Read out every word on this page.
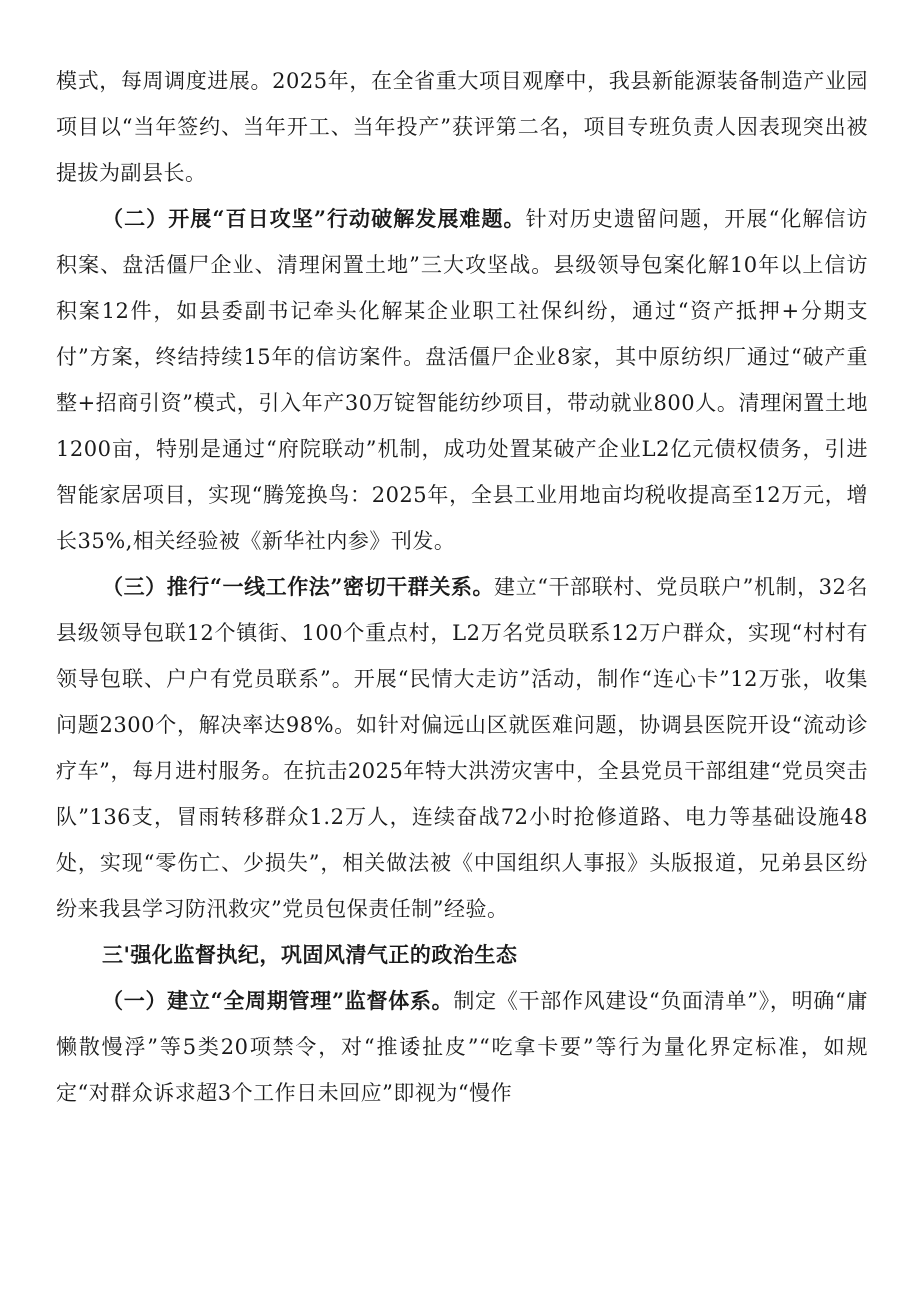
模式，每周调度进展。2025年，在全省重大项目观摩中，我县新能源装备制造产业园项目以“当年签约、当年开工、当年投产”获评第二名，项目专班负责人因表现突出被提拔为副县长。

（二）开展“百日攻坚”行动破解发展难题。针对历史遗留问题，开展“化解信访积案、盘活僵尸企业、清理闲置土地”三大攻坚战。县级领导包案化解10年以上信访积案12件，如县委副书记牵头化解某企业职工社保纠纷，通过“资产抵押+分期支付”方案，终结持续15年的信访案件。盘活僵尸企业8家，其中原纺织厂通过“破产重整+招商引资”模式，引入年产30万锭智能纺纱项目，带动就业800人。清理闲置土地1200亩，特别是通过“府院联动”机制，成功处置某破产企业L2亿元债权债务，引进智能家居项目，实现“腾笼换鸟：2025年，全县工业用地亩均税收提高至12万元，增长35%,相关经验被《新华社内参》刊发。

（三）推行“一线工作法”密切干群关系。建立“干部联村、党员联户”机制，32名县级领导包联12个镇街、100个重点村，L2万名党员联系12万户群众，实现“村村有领导包联、户户有党员联系”。开展“民情大走访”活动，制作“连心卡”12万张，收集问题2300个，解决率达98%。如针对偏远山区就医难问题，协调县医院开设“流动诊疗车”，每月进村服务。在抗击2025年特大洪涝灾害中，全县党员干部组建“党员突击队”136支，冒雨转移群众1.2万人，连续奋战72小时抢修道路、电力等基础设施48处，实现“零伤亡、少损失”，相关做法被《中国组织人事报》头版报道，兄弟县区纷纷来我县学习防汛救灾”党员包保责任制”经验。

三'强化监督执纪，巩固风清气正的政治生态

（一）建立“全周期管理”监督体系。制定《干部作风建设“负面清单”》，明确“庸懒散慢浮”等5类20项禁令，对“推诿扯皮”“吃拿卡要”等行为量化界定标准，如规定“对群众诉求超3个工作日未回应”即视为“慢作
